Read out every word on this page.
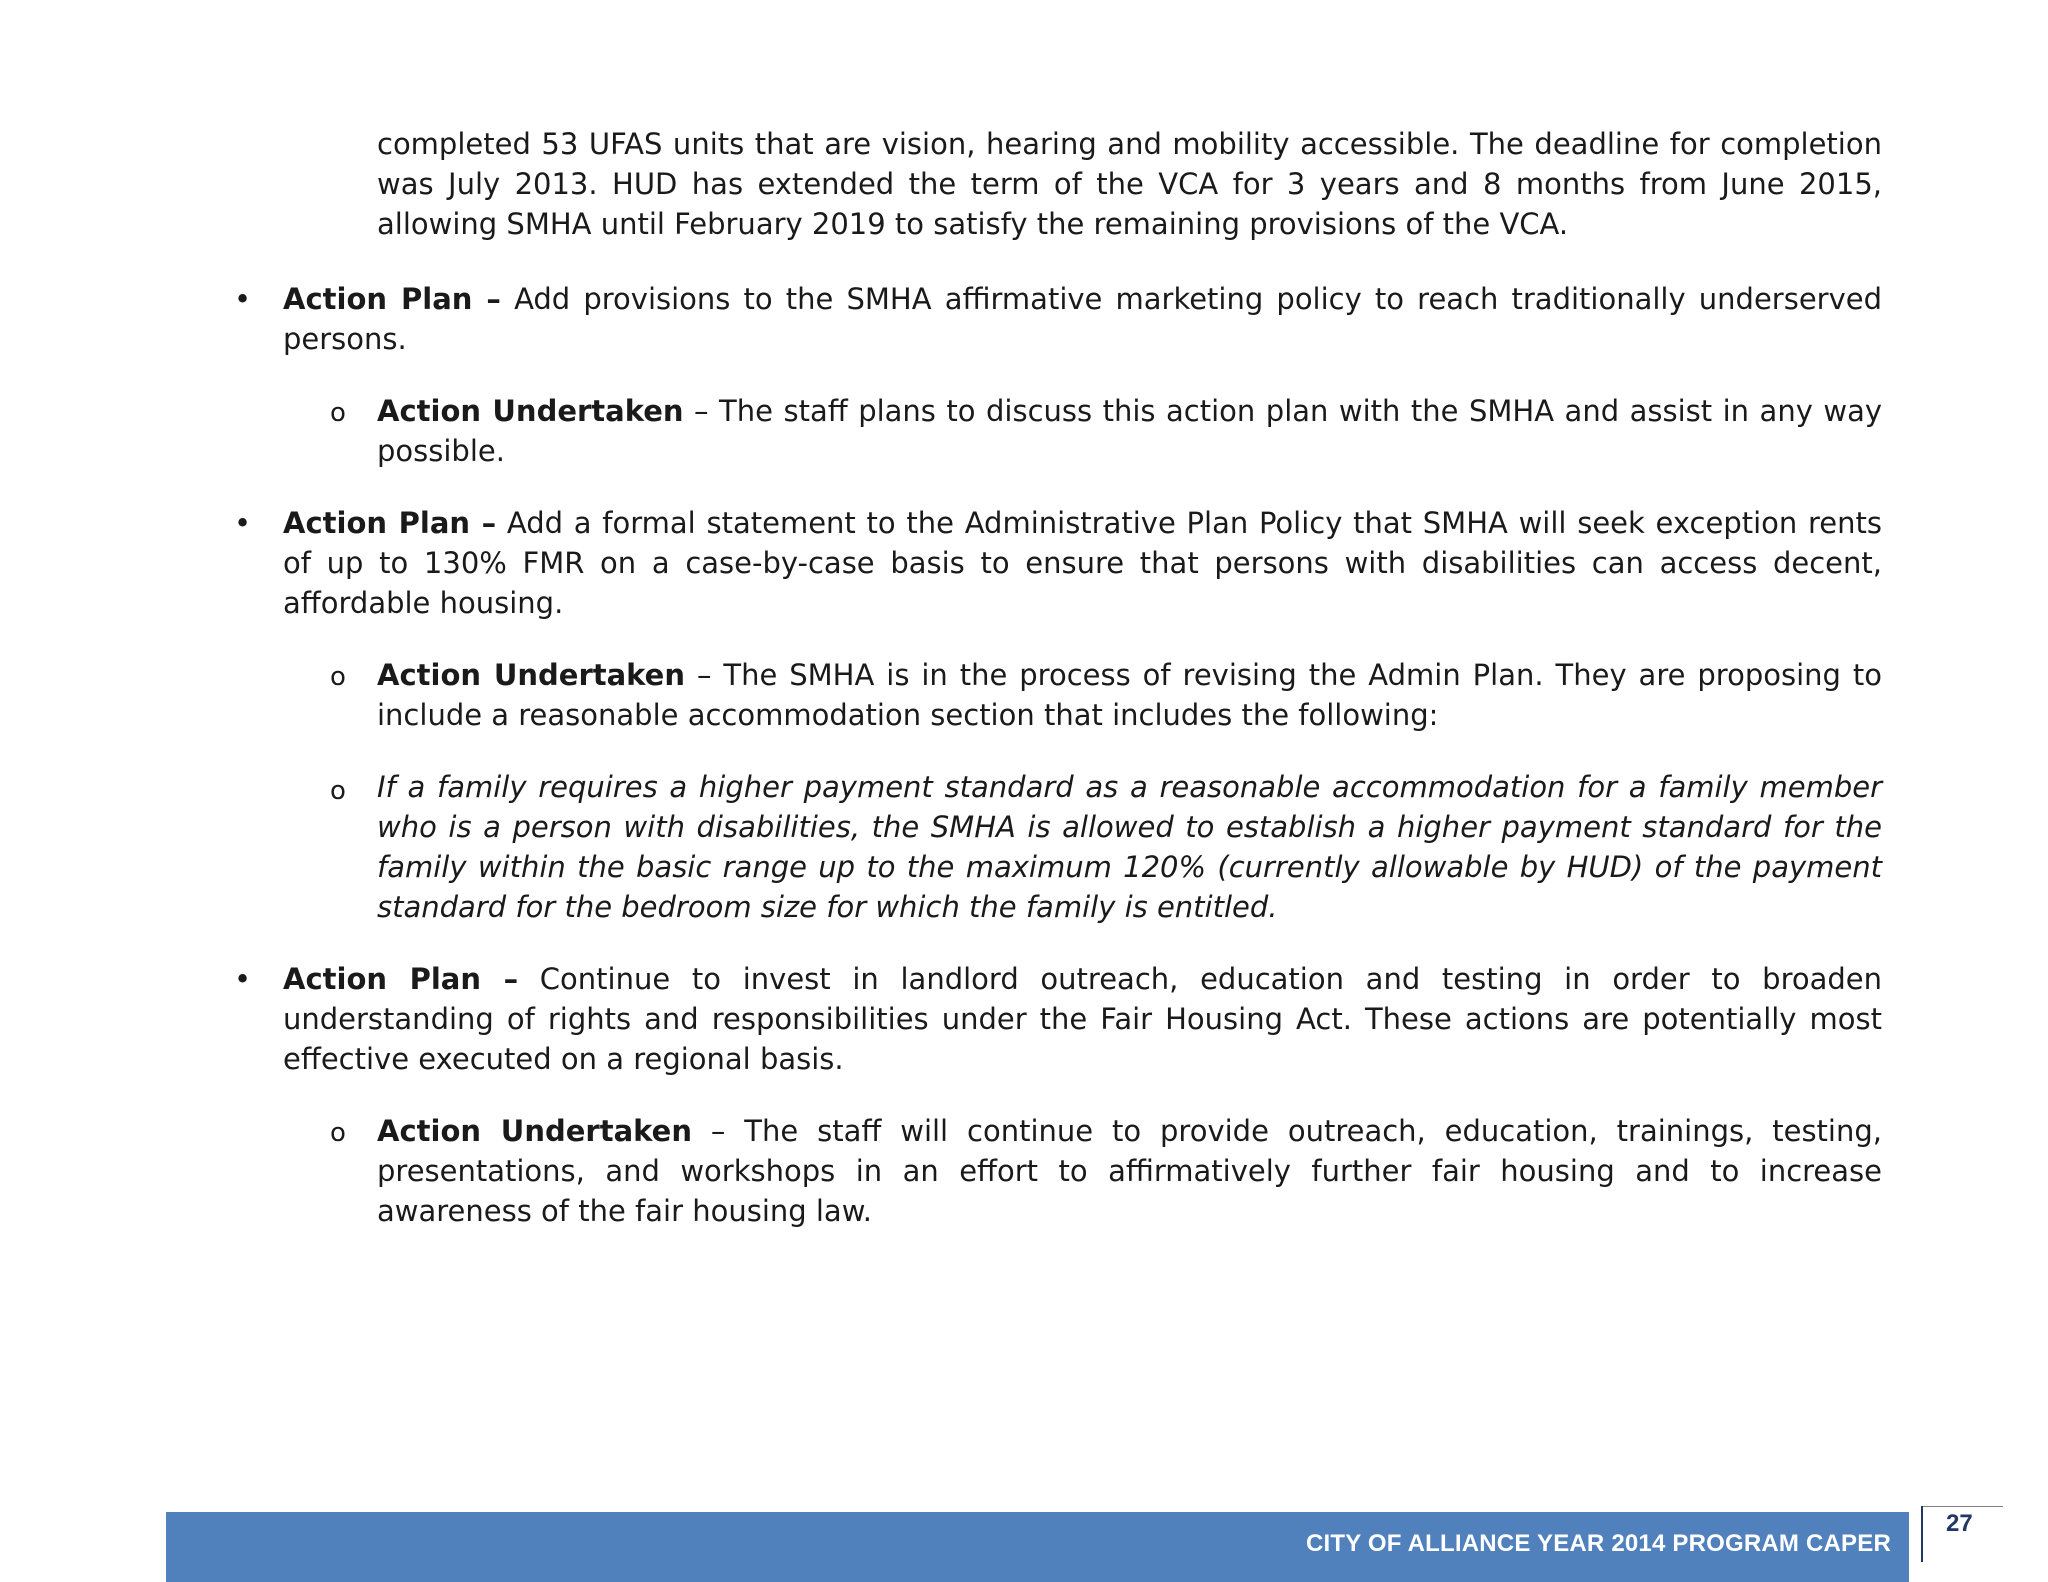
completed 53 UFAS units that are vision, hearing and mobility accessible. The deadline for completion was July 2013. HUD has extended the term of the VCA for 3 years and 8 months from June 2015, allowing SMHA until February 2019 to satisfy the remaining provisions of the VCA.

• Action Plan – Add provisions to the SMHA affirmative marketing policy to reach traditionally underserved persons.

o Action Undertaken – The staff plans to discuss this action plan with the SMHA and assist in any way possible.

• Action Plan – Add a formal statement to the Administrative Plan Policy that SMHA will seek exception rents of up to 130% FMR on a case-by-case basis to ensure that persons with disabilities can access decent, affordable housing.

o Action Undertaken – The SMHA is in the process of revising the Admin Plan. They are proposing to include a reasonable accommodation section that includes the following:

o If a family requires a higher payment standard as a reasonable accommodation for a family member who is a person with disabilities, the SMHA is allowed to establish a higher payment standard for the family within the basic range up to the maximum 120% (currently allowable by HUD) of the payment standard for the bedroom size for which the family is entitled.

• Action Plan – Continue to invest in landlord outreach, education and testing in order to broaden understanding of rights and responsibilities under the Fair Housing Act. These actions are potentially most effective executed on a regional basis.

o Action Undertaken – The staff will continue to provide outreach, education, trainings, testing, presentations, and workshops in an effort to affirmatively further fair housing and to increase awareness of the fair housing law.

CITY OF ALLIANCE YEAR 2014 PROGRAM CAPER
27
